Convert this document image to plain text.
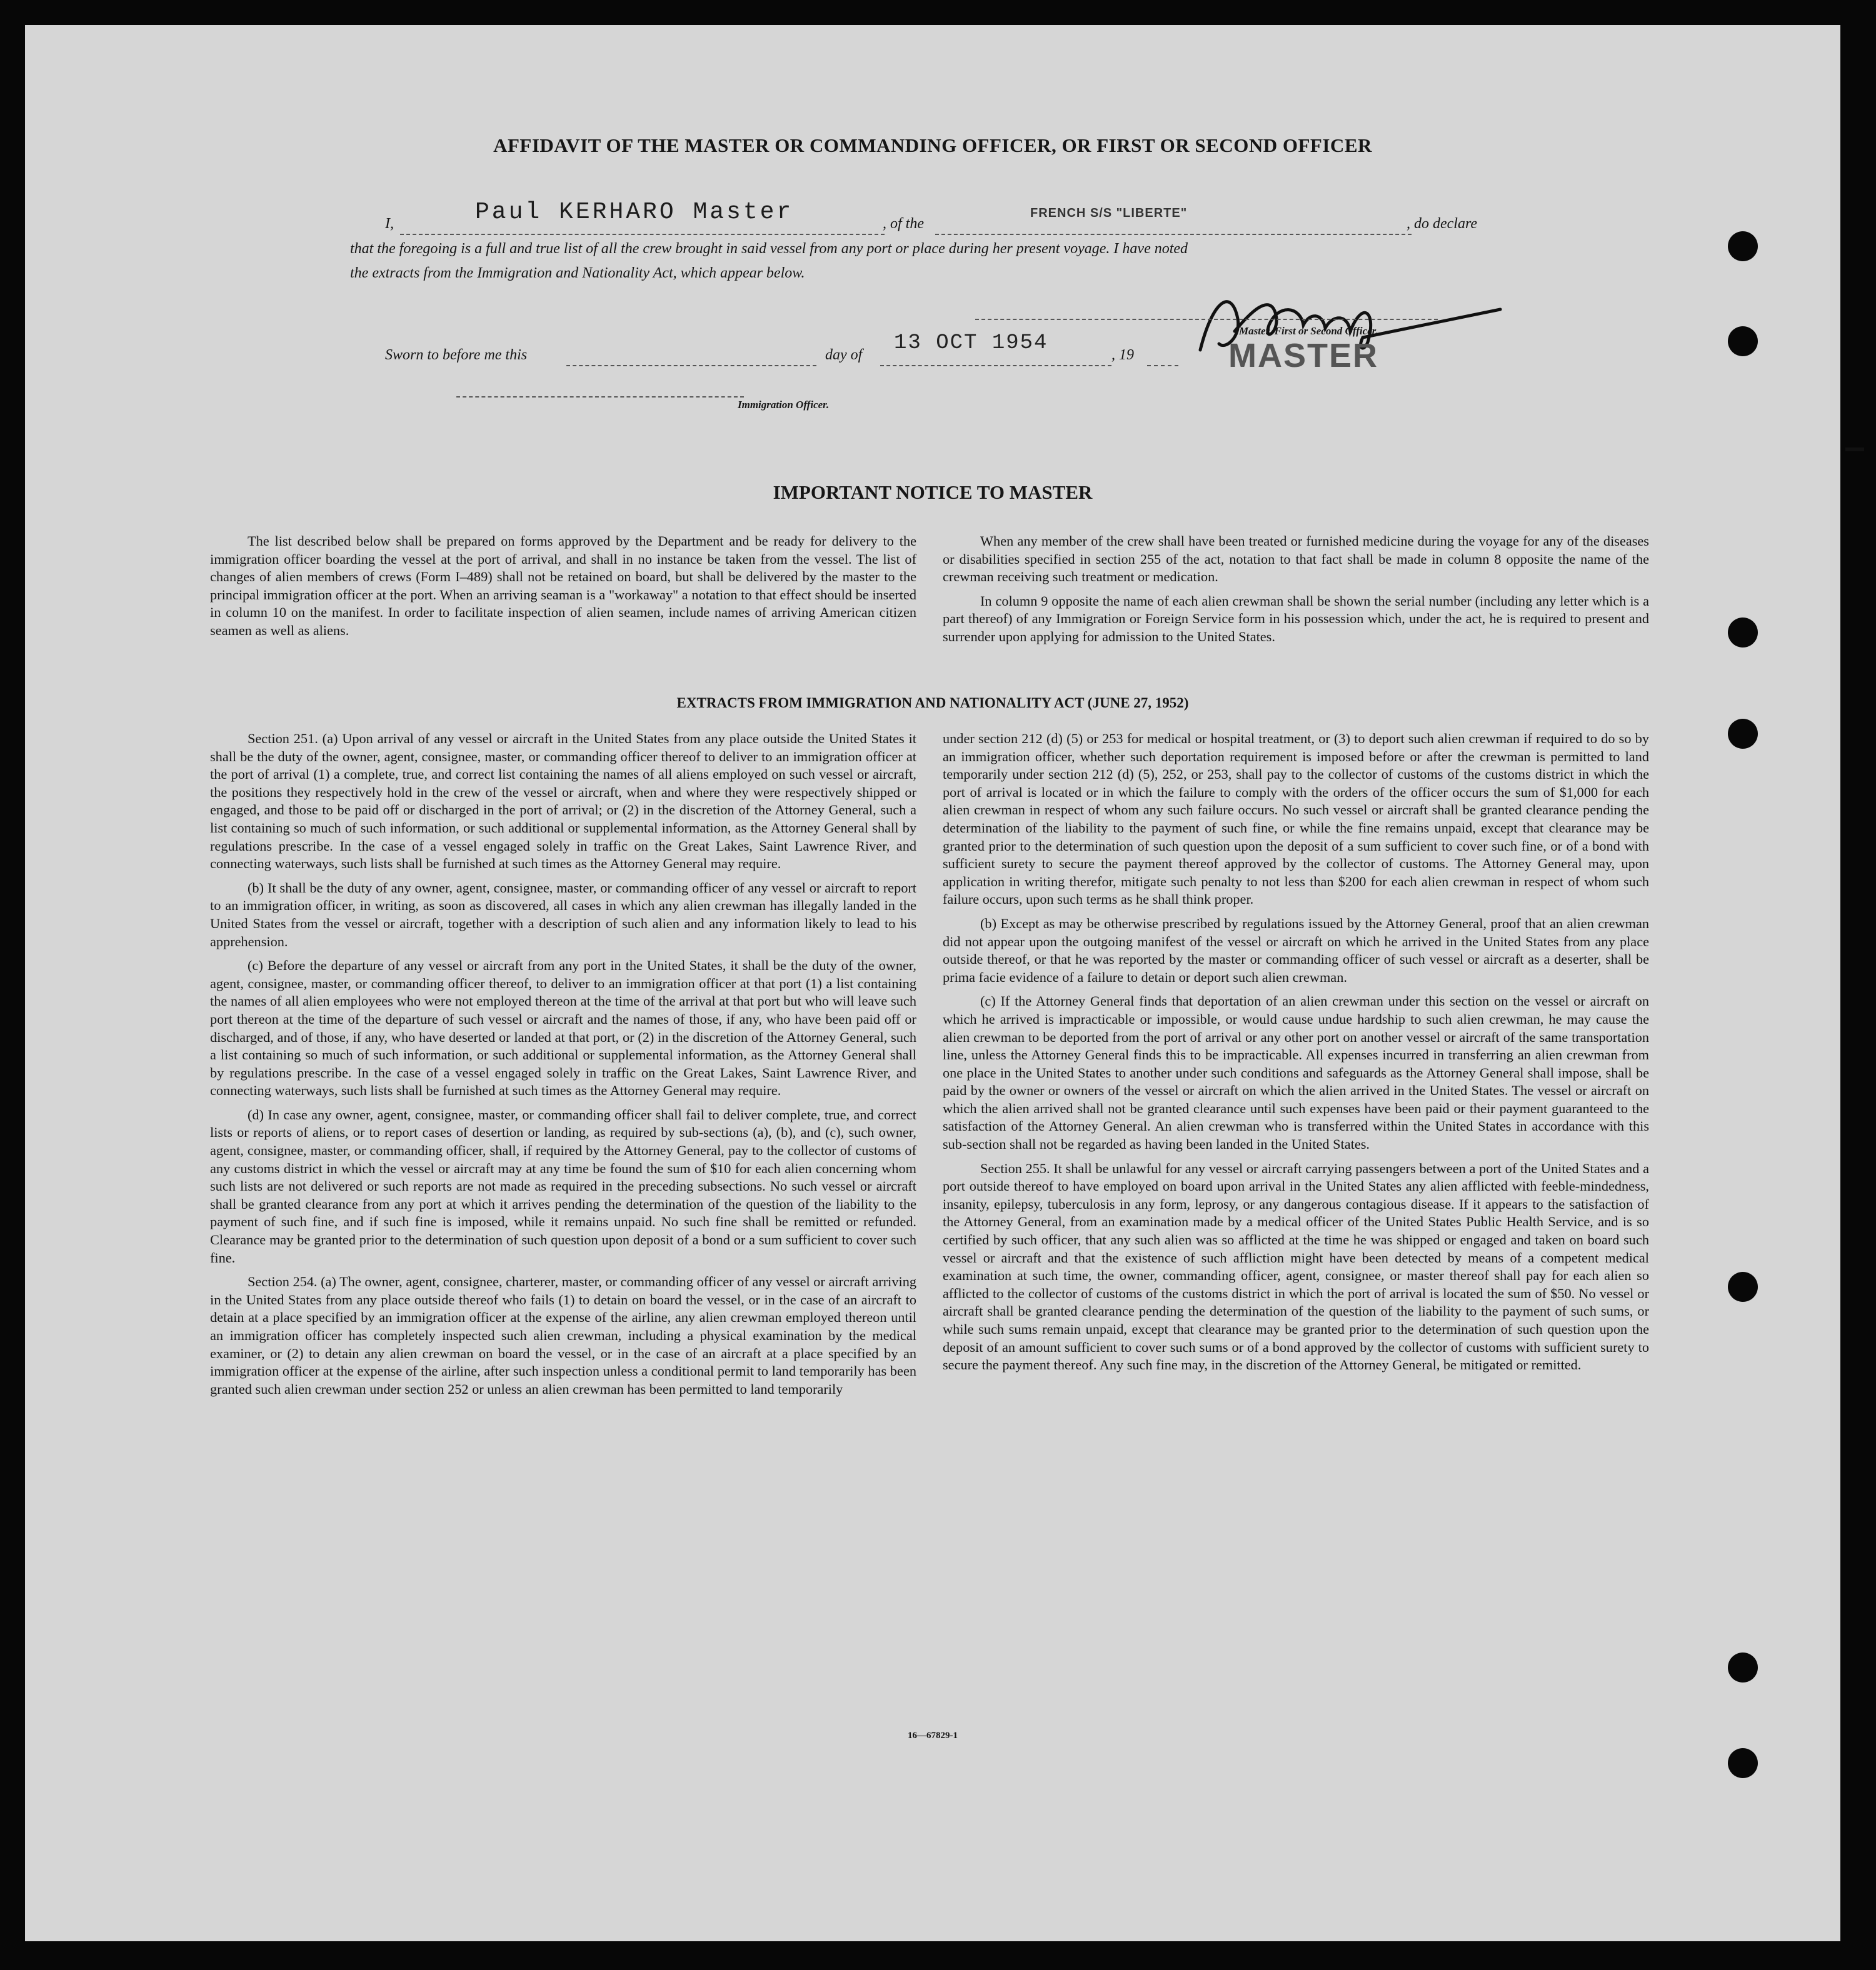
AFFIDAVIT OF THE MASTER OR COMMANDING OFFICER, OR FIRST OR SECOND OFFICER
I,	Paul KERHARO Master	, of the
FRENCH S/S "LIBERTE"
, do declare
that the foregoing is a full and true list of all the crew brought in said vessel from any port or place during her present voyage. I have noted
the extracts from the Immigration and Nationality Act, which appear below.
Master, First or Second Officer.
MASTER
Sworn to before me this	day of 13 OCT 1954	, 19
Immigration Officer.
IMPORTANT NOTICE TO MASTER

The list described below shall be prepared on forms approved by the Department and be ready for delivery to the immigration officer boarding the vessel at the port of arrival, and shall in no instance be taken from the vessel. The list of changes of alien members of crews (Form I–489) shall not be retained on board, but shall be delivered by the master to the principal immigration officer at the port. When an arriving seaman is a "workaway" a notation to that effect should be inserted in column 10 on the manifest. In order to facilitate inspection of alien seamen, include names of arriving American citizen seamen as well as aliens.

When any member of the crew shall have been treated or furnished medicine during the voyage for any of the diseases or disabilities specified in section 255 of the act, notation to that fact shall be made in column 8 opposite the name of the crewman receiving such treatment or medication.

In column 9 opposite the name of each alien crewman shall be shown the serial number (including any letter which is a part thereof) of any Immigration or Foreign Service form in his possession which, under the act, he is required to present and surrender upon applying for admission to the United States.

EXTRACTS FROM IMMIGRATION AND NATIONALITY ACT (JUNE 27, 1952)

Section 251. (a) Upon arrival of any vessel or aircraft in the United States from any place outside the United States it shall be the duty of the owner, agent, consignee, master, or commanding officer thereof to deliver to an immigration officer at the port of arrival (1) a complete, true, and correct list containing the names of all aliens employed on such vessel or aircraft, the positions they respectively hold in the crew of the vessel or aircraft, when and where they were respectively shipped or engaged, and those to be paid off or discharged in the port of arrival; or (2) in the discretion of the Attorney General, such a list containing so much of such information, or such additional or supplemental information, as the Attorney General shall by regulations prescribe. In the case of a vessel engaged solely in traffic on the Great Lakes, Saint Lawrence River, and connecting waterways, such lists shall be furnished at such times as the Attorney General may require.

(b) It shall be the duty of any owner, agent, consignee, master, or commanding officer of any vessel or aircraft to report to an immigration officer, in writing, as soon as discovered, all cases in which any alien crewman has illegally landed in the United States from the vessel or aircraft, together with a description of such alien and any information likely to lead to his apprehension.

(c) Before the departure of any vessel or aircraft from any port in the United States, it shall be the duty of the owner, agent, consignee, master, or commanding officer thereof, to deliver to an immigration officer at that port (1) a list containing the names of all alien employees who were not employed thereon at the time of the arrival at that port but who will leave such port thereon at the time of the departure of such vessel or aircraft and the names of those, if any, who have been paid off or discharged, and of those, if any, who have deserted or landed at that port, or (2) in the discretion of the Attorney General, such a list containing so much of such information, or such additional or supplemental information, as the Attorney General shall by regulations prescribe. In the case of a vessel engaged solely in traffic on the Great Lakes, Saint Lawrence River, and connecting waterways, such lists shall be furnished at such times as the Attorney General may require.

(d) In case any owner, agent, consignee, master, or commanding officer shall fail to deliver complete, true, and correct lists or reports of aliens, or to report cases of desertion or landing, as required by sub-sections (a), (b), and (c), such owner, agent, consignee, master, or commanding officer, shall, if required by the Attorney General, pay to the collector of customs of any customs district in which the vessel or aircraft may at any time be found the sum of $10 for each alien concerning whom such lists are not delivered or such reports are not made as required in the preceding subsections. No such vessel or aircraft shall be granted clearance from any port at which it arrives pending the determination of the question of the liability to the payment of such fine, and if such fine is imposed, while it remains unpaid. No such fine shall be remitted or refunded. Clearance may be granted prior to the determination of such question upon deposit of a bond or a sum sufficient to cover such fine.

Section 254. (a) The owner, agent, consignee, charterer, master, or commanding officer of any vessel or aircraft arriving in the United States from any place outside thereof who fails (1) to detain on board the vessel, or in the case of an aircraft to detain at a place specified by an immigration officer at the expense of the airline, any alien crewman employed thereon until an immigration officer has completely inspected such alien crewman, including a physical examination by the medical examiner, or (2) to detain any alien crewman on board the vessel, or in the case of an aircraft at a place specified by an immigration officer at the expense of the airline, after such inspection unless a conditional permit to land temporarily has been granted such alien crewman under section 252 or unless an alien crewman has been permitted to land temporarily

under section 212 (d) (5) or 253 for medical or hospital treatment, or (3) to deport such alien crewman if required to do so by an immigration officer, whether such deportation requirement is imposed before or after the crewman is permitted to land temporarily under section 212 (d) (5), 252, or 253, shall pay to the collector of customs of the customs district in which the port of arrival is located or in which the failure to comply with the orders of the officer occurs the sum of $1,000 for each alien crewman in respect of whom any such failure occurs. No such vessel or aircraft shall be granted clearance pending the determination of the liability to the payment of such fine, or while the fine remains unpaid, except that clearance may be granted prior to the determination of such question upon the deposit of a sum sufficient to cover such fine, or of a bond with sufficient surety to secure the payment thereof approved by the collector of customs. The Attorney General may, upon application in writing therefor, mitigate such penalty to not less than $200 for each alien crewman in respect of whom such failure occurs, upon such terms as he shall think proper.

(b) Except as may be otherwise prescribed by regulations issued by the Attorney General, proof that an alien crewman did not appear upon the outgoing manifest of the vessel or aircraft on which he arrived in the United States from any place outside thereof, or that he was reported by the master or commanding officer of such vessel or aircraft as a deserter, shall be prima facie evidence of a failure to detain or deport such alien crewman.

(c) If the Attorney General finds that deportation of an alien crewman under this section on the vessel or aircraft on which he arrived is impracticable or impossible, or would cause undue hardship to such alien crewman, he may cause the alien crewman to be deported from the port of arrival or any other port on another vessel or aircraft of the same transportation line, unless the Attorney General finds this to be impracticable. All expenses incurred in transferring an alien crewman from one place in the United States to another under such conditions and safeguards as the Attorney General shall impose, shall be paid by the owner or owners of the vessel or aircraft on which the alien arrived in the United States. The vessel or aircraft on which the alien arrived shall not be granted clearance until such expenses have been paid or their payment guaranteed to the satisfaction of the Attorney General. An alien crewman who is transferred within the United States in accordance with this sub-section shall not be regarded as having been landed in the United States.

Section 255. It shall be unlawful for any vessel or aircraft carrying passengers between a port of the United States and a port outside thereof to have employed on board upon arrival in the United States any alien afflicted with feeble-mindedness, insanity, epilepsy, tuberculosis in any form, leprosy, or any dangerous contagious disease. If it appears to the satisfaction of the Attorney General, from an examination made by a medical officer of the United States Public Health Service, and is so certified by such officer, that any such alien was so afflicted at the time he was shipped or engaged and taken on board such vessel or aircraft and that the existence of such affliction might have been detected by means of a competent medical examination at such time, the owner, commanding officer, agent, consignee, or master thereof shall pay for each alien so afflicted to the collector of customs of the customs district in which the port of arrival is located the sum of $50. No vessel or aircraft shall be granted clearance pending the determination of the question of the liability to the payment of such sums, or while such sums remain unpaid, except that clearance may be granted prior to the determination of such question upon the deposit of an amount sufficient to cover such sums or of a bond approved by the collector of customs with sufficient surety to secure the payment thereof. Any such fine may, in the discretion of the Attorney General, be mitigated or remitted.

16—67829-1
